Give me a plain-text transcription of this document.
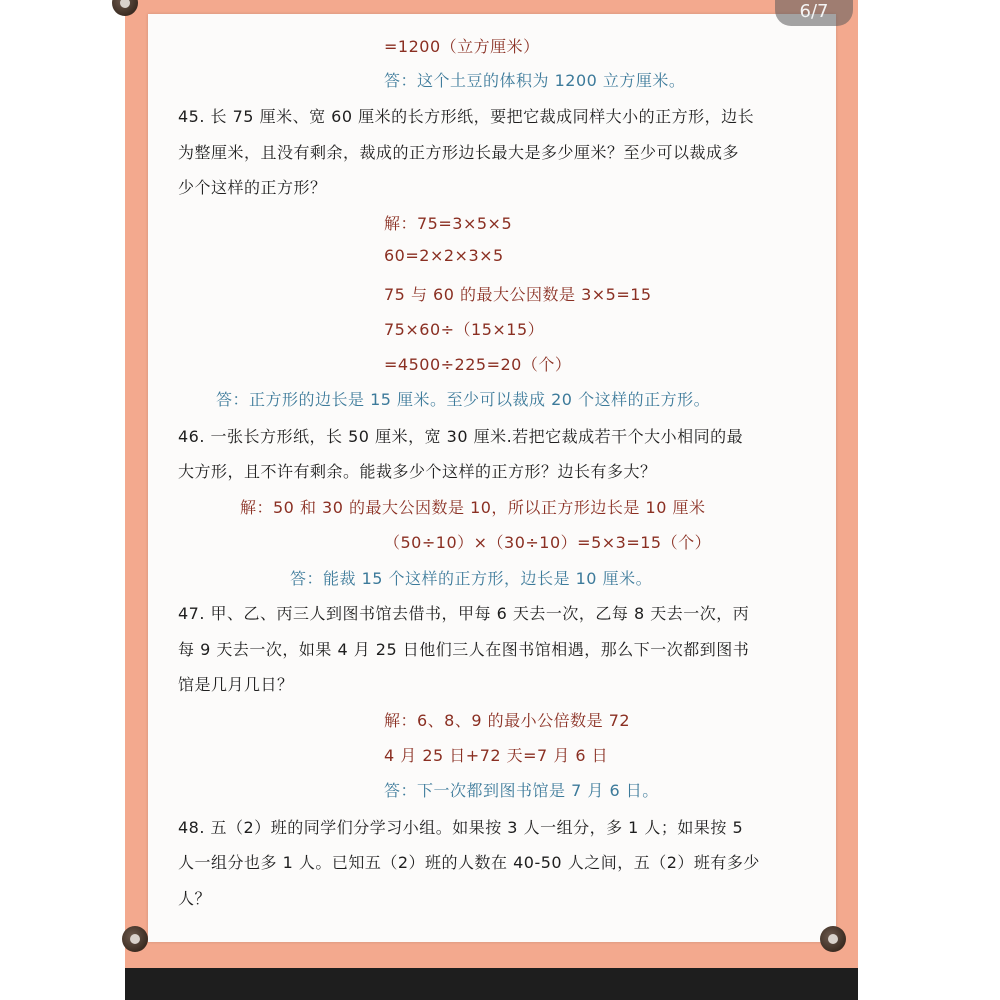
6/7
=1200（立方厘米）
答：这个土豆的体积为 1200 立方厘米。
45. 长 75 厘米、宽 60 厘米的长方形纸，要把它裁成同样大小的正方形，边长
为整厘米，且没有剩余，裁成的正方形边长最大是多少厘米？至少可以裁成多
少个这样的正方形？
解：75=3×5×5
60=2×2×3×5
75 与 60 的最大公因数是 3×5=15
75×60÷（15×15）
=4500÷225=20（个）
答：正方形的边长是 15 厘米。至少可以裁成 20 个这样的正方形。
46. 一张长方形纸，长 50 厘米，宽 30 厘米.若把它裁成若干个大小相同的最
大方形，且不许有剩余。能裁多少个这样的正方形？边长有多大？
解：50 和 30 的最大公因数是 10，所以正方形边长是 10 厘米
（50÷10）×（30÷10）=5×3=15（个）
答：能裁 15 个这样的正方形，边长是 10 厘米。
47. 甲、乙、丙三人到图书馆去借书，甲每 6 天去一次，乙每 8 天去一次，丙
每 9 天去一次，如果 4 月 25 日他们三人在图书馆相遇，那么下一次都到图书
馆是几月几日？
解：6、8、9 的最小公倍数是 72
4 月 25 日+72 天=7 月 6 日
答：下一次都到图书馆是 7 月 6 日。
48. 五（2）班的同学们分学习小组。如果按 3 人一组分，多 1 人；如果按 5
人一组分也多 1 人。已知五（2）班的人数在 40-50 人之间，五（2）班有多少
人？
